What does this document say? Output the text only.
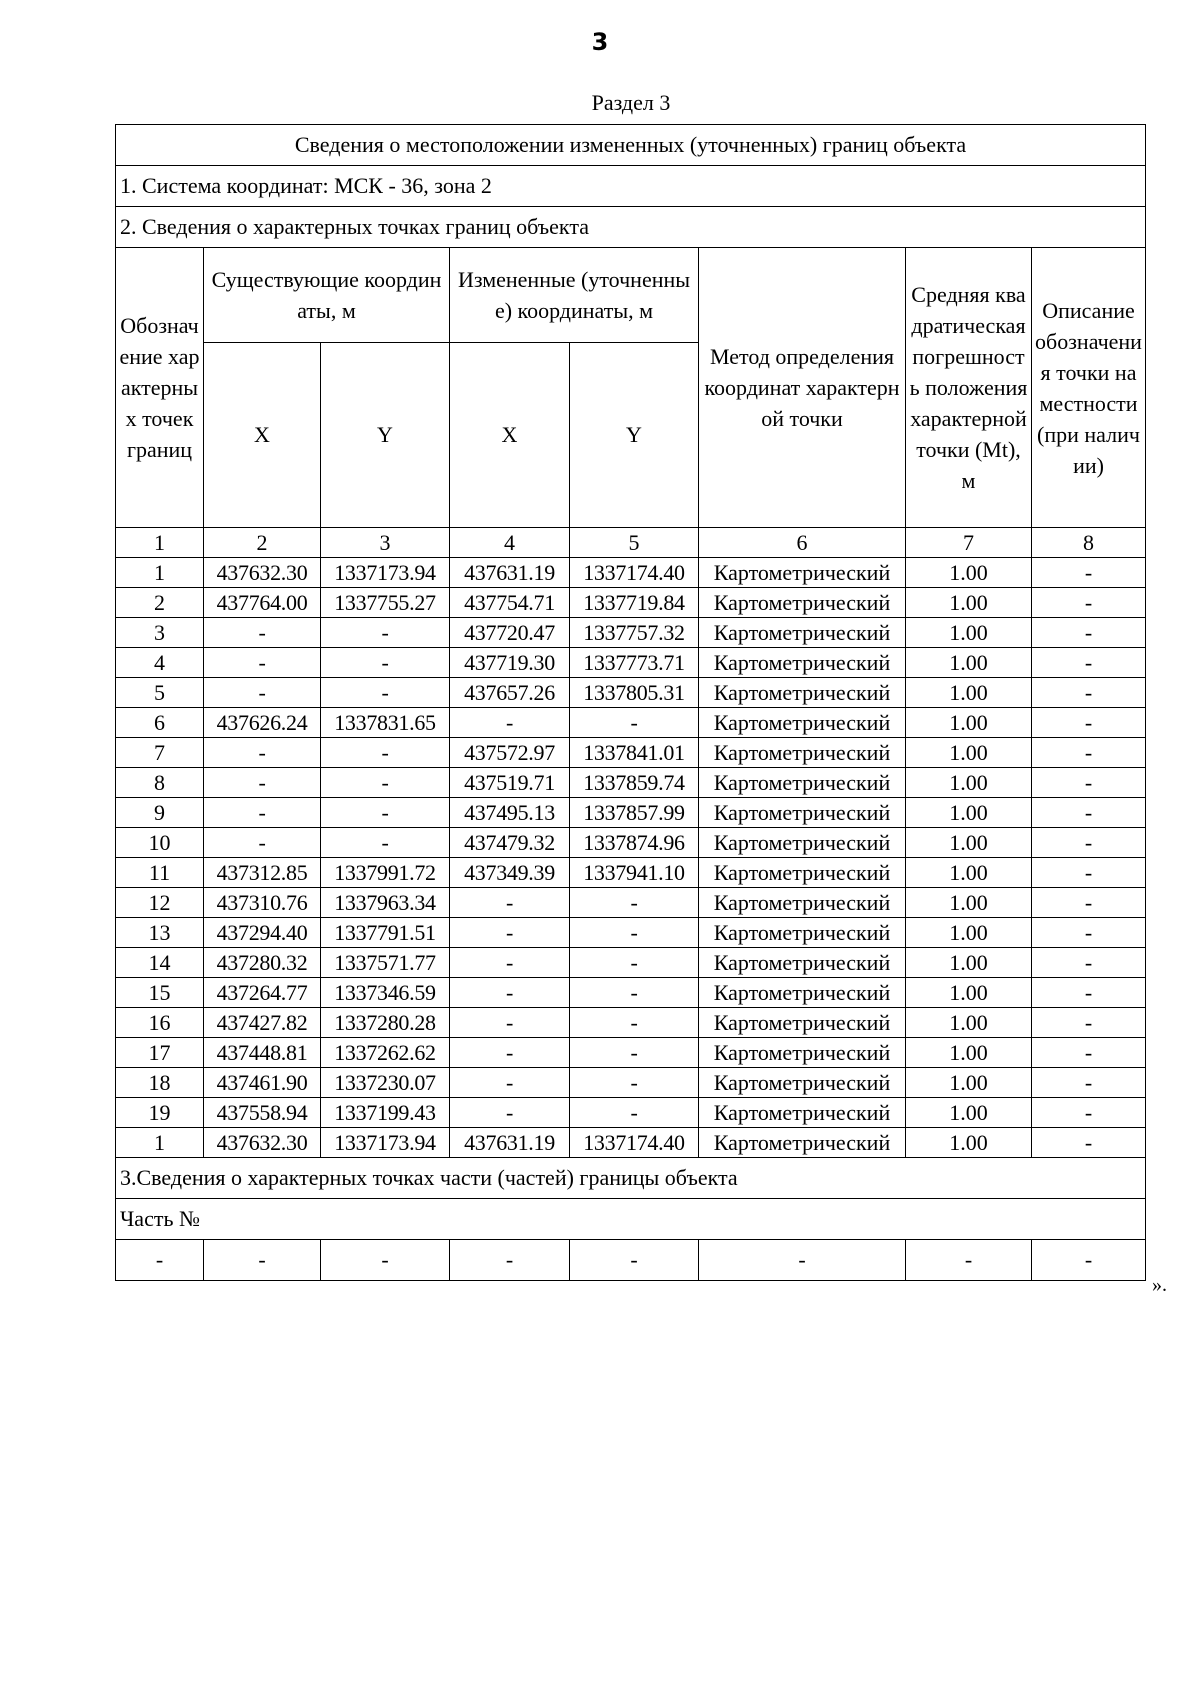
3
Раздел 3
Сведения о местоположении измененных (уточненных) границ объекта							
1. Система координат: МСК - 36, зона 2							
2. Сведения о характерных точках границ объекта							
Обозначение характерных точек границ	Существующие координаты, м		Измененные (уточненные) координаты, м		Метод определения координат характерной точки	Средняя квадратическая погрешность положения характерной точки (Mt), м	Описание обозначения точки на местности (при наличии)
	X	Y	X	Y			
1	2	3	4	5	6	7	8
1	437632.30	1337173.94	437631.19	1337174.40	Картометрический	1.00	-
2	437764.00	1337755.27	437754.71	1337719.84	Картометрический	1.00	-
3	-	-	437720.47	1337757.32	Картометрический	1.00	-
4	-	-	437719.30	1337773.71	Картометрический	1.00	-
5	-	-	437657.26	1337805.31	Картометрический	1.00	-
6	437626.24	1337831.65	-	-	Картометрический	1.00	-
7	-	-	437572.97	1337841.01	Картометрический	1.00	-
8	-	-	437519.71	1337859.74	Картометрический	1.00	-
9	-	-	437495.13	1337857.99	Картометрический	1.00	-
10	-	-	437479.32	1337874.96	Картометрический	1.00	-
11	437312.85	1337991.72	437349.39	1337941.10	Картометрический	1.00	-
12	437310.76	1337963.34	-	-	Картометрический	1.00	-
13	437294.40	1337791.51	-	-	Картометрический	1.00	-
14	437280.32	1337571.77	-	-	Картометрический	1.00	-
15	437264.77	1337346.59	-	-	Картометрический	1.00	-
16	437427.82	1337280.28	-	-	Картометрический	1.00	-
17	437448.81	1337262.62	-	-	Картометрический	1.00	-
18	437461.90	1337230.07	-	-	Картометрический	1.00	-
19	437558.94	1337199.43	-	-	Картометрический	1.00	-
1	437632.30	1337173.94	437631.19	1337174.40	Картометрический	1.00	-
3.Сведения о характерных точках части (частей) границы объекта							
Часть №							
-	-	-	-	-	-	-	-
».
